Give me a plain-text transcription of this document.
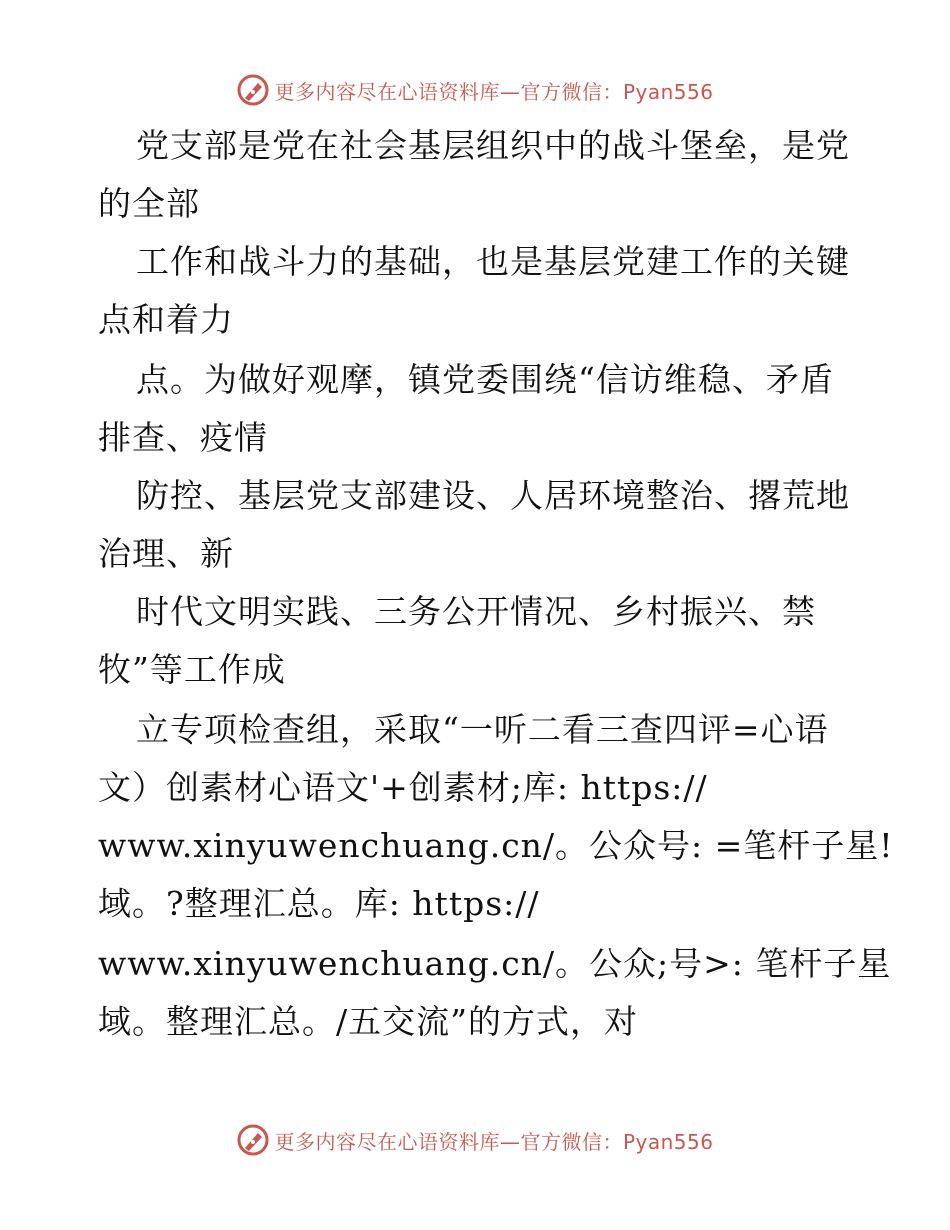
更多内容尽在心语资料库—官方微信：Pyan556
党支部是党在社会基层组织中的战斗堡垒，是党
的全部
工作和战斗力的基础，也是基层党建工作的关键
点和着力
点。为做好观摩，镇党委围绕“信访维稳、矛盾
排查、疫情
防控、基层党支部建设、人居环境整治、撂荒地
治理、新
时代文明实践、三务公开情况、乡村振兴、禁
牧”等工作成
立专项检查组，采取“一听二看三查四评=心语
文）创素材心语文'+创素材;库: https://
www.xinyuwenchuang.cn/。公众号: =笔杆子星!
域。?整理汇总。库: https://
www.xinyuwenchuang.cn/。公众;号>: 笔杆子星
域。整理汇总。/五交流”的方式，对
更多内容尽在心语资料库—官方微信：Pyan556
